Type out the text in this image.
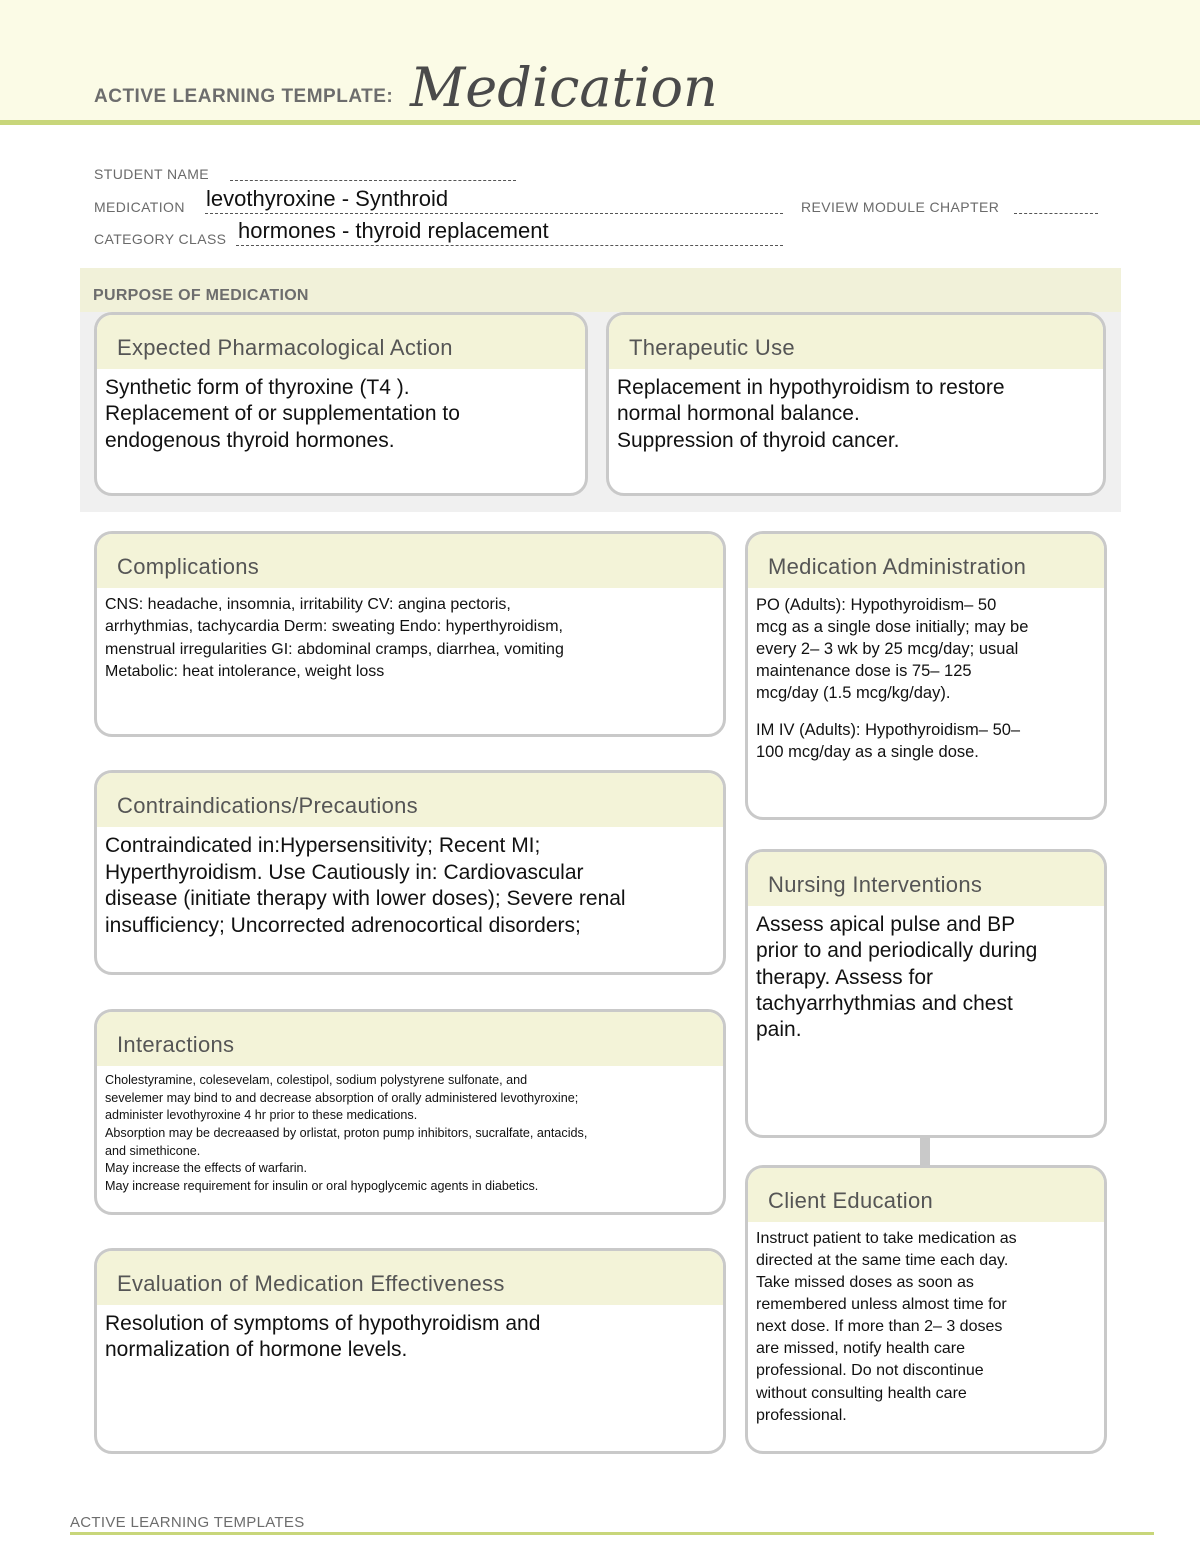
ACTIVE LEARNING TEMPLATE: Medication
STUDENT NAME
MEDICATION levothyroxine - Synthroid	REVIEW MODULE CHAPTER
CATEGORY CLASS hormones - thyroid replacement
PURPOSE OF MEDICATION
Expected Pharmacological Action
Synthetic form of thyroxine (T4 ).
Replacement of or supplementation to
endogenous thyroid hormones.
Therapeutic Use
Replacement in hypothyroidism to restore
normal hormonal balance.
Suppression of thyroid cancer.
Complications
CNS: headache, insomnia, irritability CV: angina pectoris,
arrhythmias, tachycardia Derm: sweating Endo: hyperthyroidism,
menstrual irregularities GI: abdominal cramps, diarrhea, vomiting
Metabolic: heat intolerance, weight loss
Contraindications/Precautions
Contraindicated in:Hypersensitivity; Recent MI;
Hyperthyroidism. Use Cautiously in: Cardiovascular
disease (initiate therapy with lower doses); Severe renal
insufficiency; Uncorrected adrenocortical disorders;
Interactions
Cholestyramine, colesevelam, colestipol, sodium polystyrene sulfonate, and
sevelemer may bind to and decrease absorption of orally administered levothyroxine;
administer levothyroxine 4 hr prior to these medications.
Absorption may be decreaased by orlistat, proton pump inhibitors, sucralfate, antacids,
and simethicone.
May increase the effects of warfarin.
May increase requirement for insulin or oral hypoglycemic agents in diabetics.
Evaluation of Medication Effectiveness
Resolution of symptoms of hypothyroidism and
normalization of hormone levels.
Medication Administration
PO (Adults): Hypothyroidism– 50
mcg as a single dose initially; may be
every 2– 3 wk by 25 mcg/day; usual
maintenance dose is 75– 125
mcg/day (1.5 mcg/kg/day).
IM IV (Adults): Hypothyroidism– 50–
100 mcg/day as a single dose.
Nursing Interventions
Assess apical pulse and BP
prior to and periodically during
therapy. Assess for
tachyarrhythmias and chest
pain.
Client Education
Instruct patient to take medication as
directed at the same time each day.
Take missed doses as soon as
remembered unless almost time for
next dose. If more than 2– 3 doses
are missed, notify health care
professional. Do not discontinue
without consulting health care
professional.
ACTIVE LEARNING TEMPLATES
